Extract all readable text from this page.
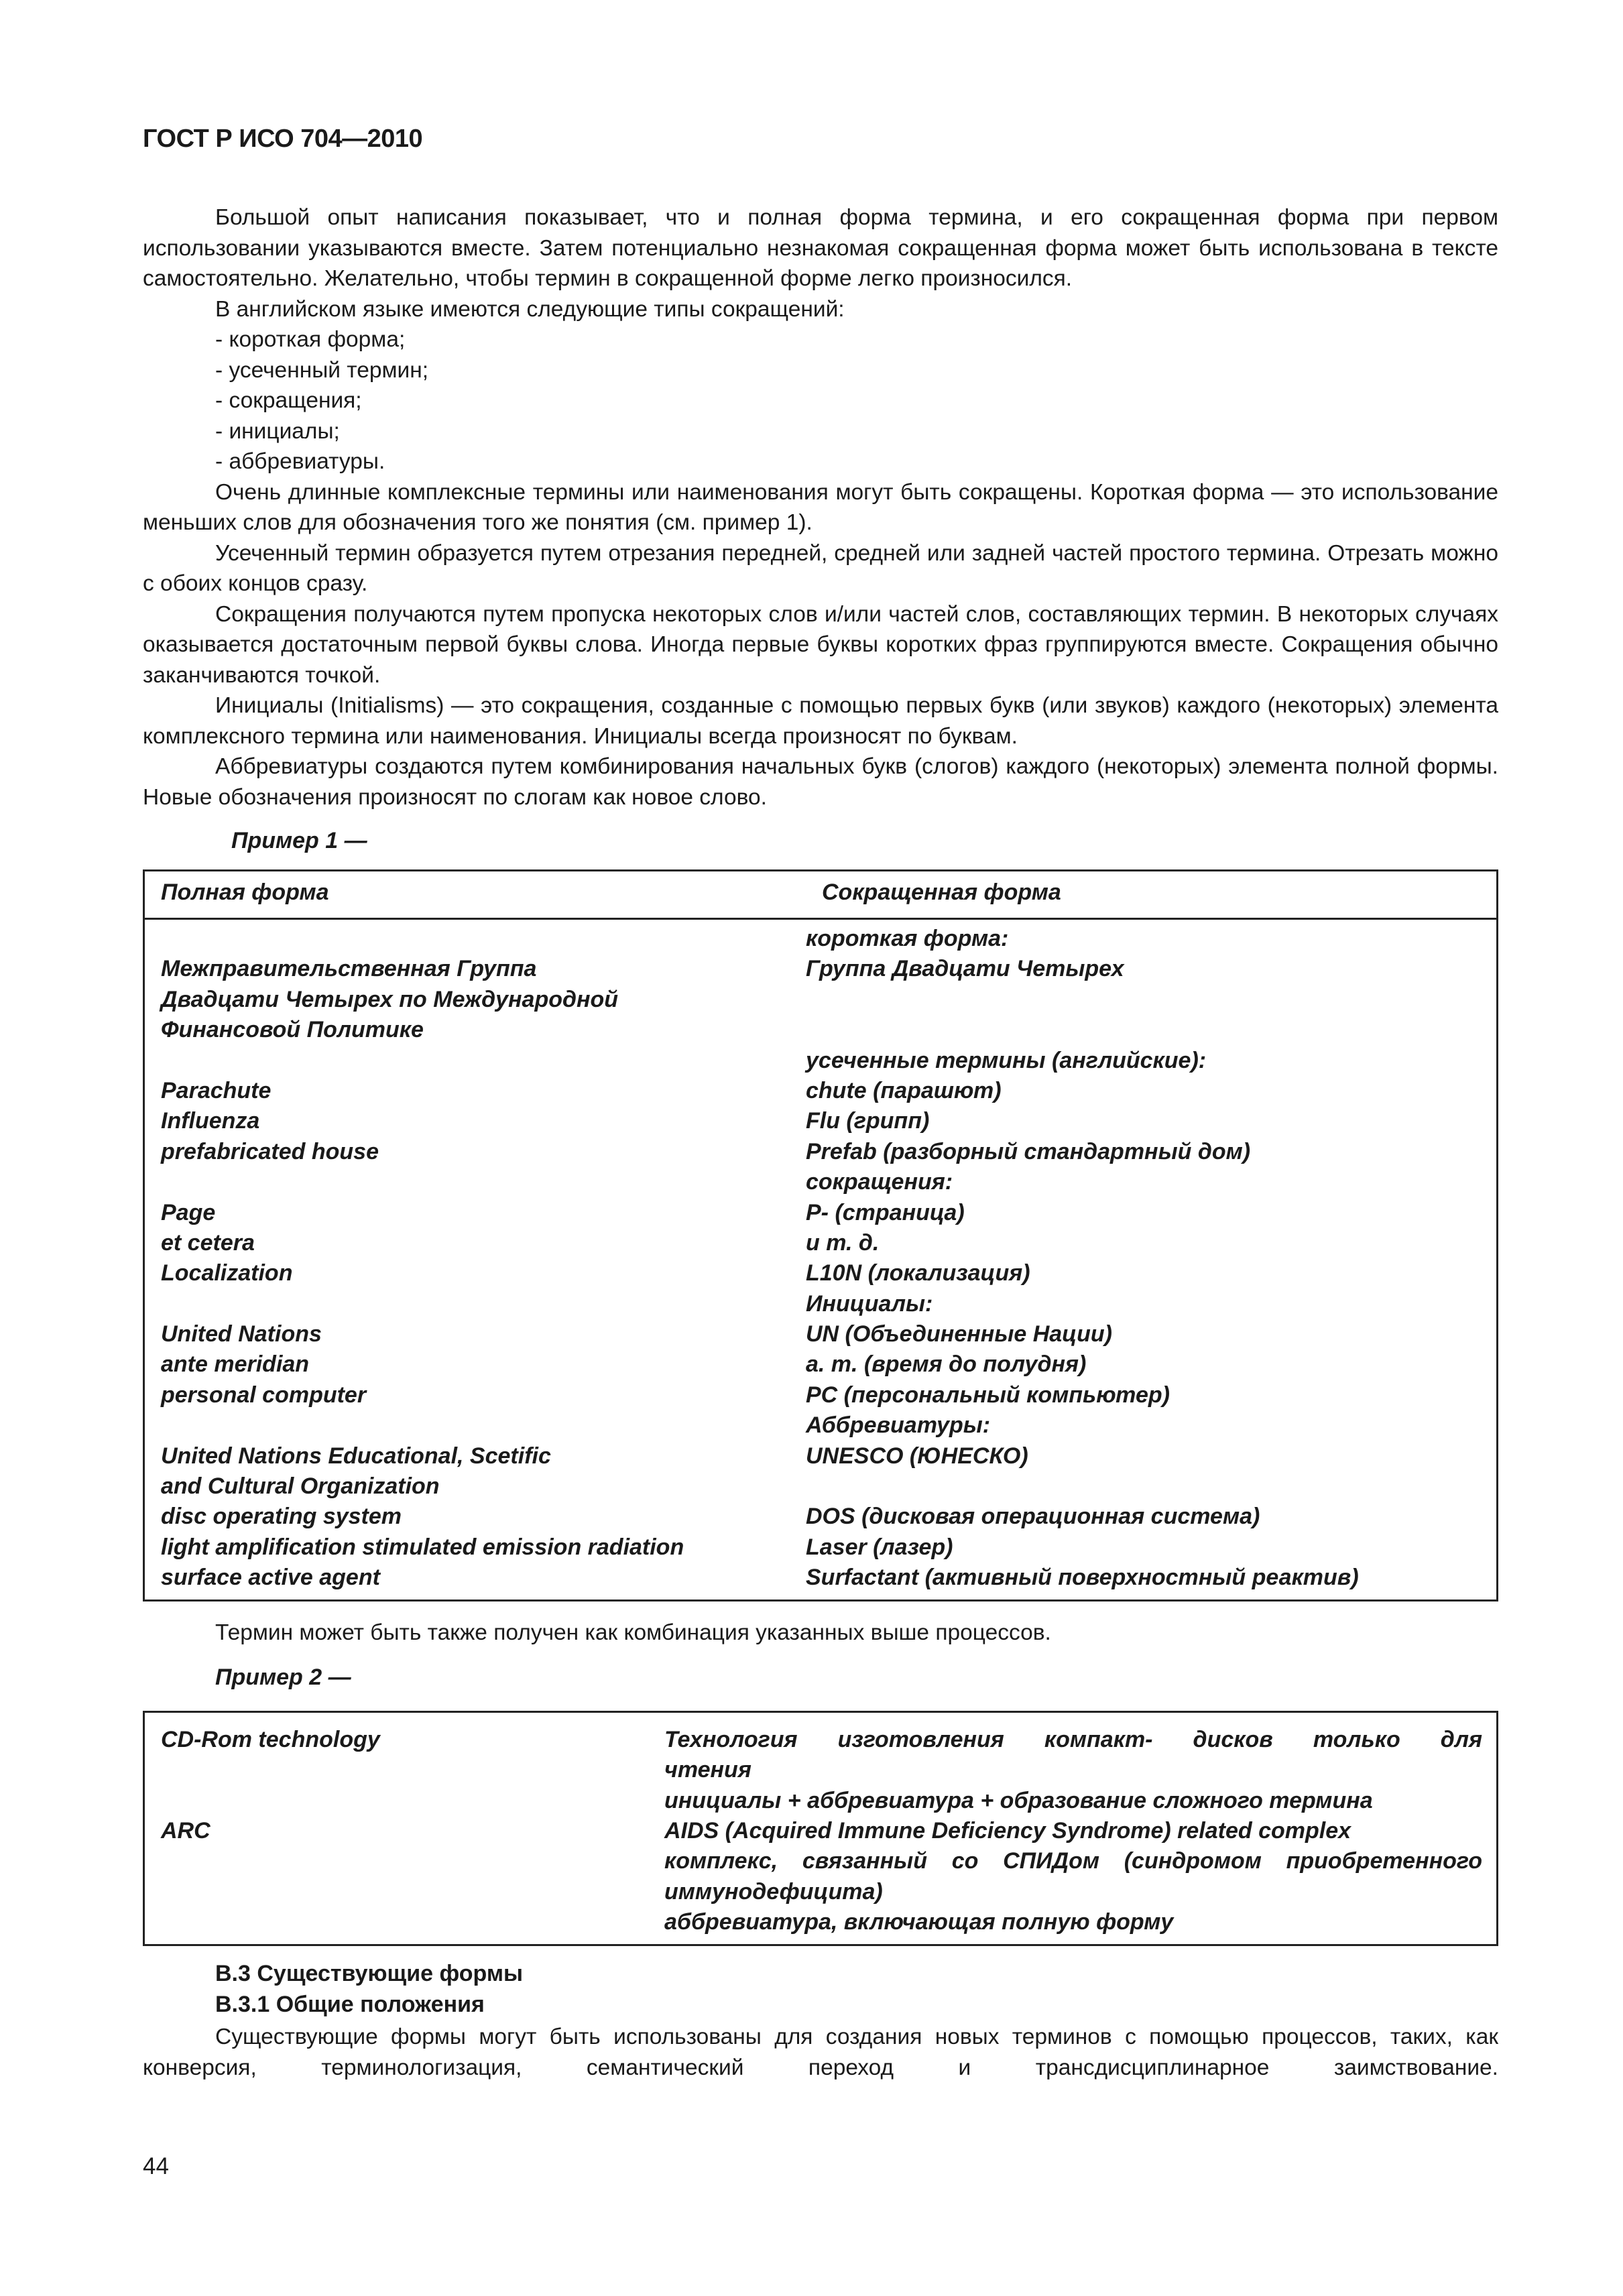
ГОСТ Р ИСО 704—2010

Большой опыт написания показывает, что и полная форма термина, и его сокращенная форма при первом использовании указываются вместе. Затем потенциально незнакомая сокращенная форма может быть использована в тексте самостоятельно. Желательно, чтобы термин в сокращенной форме легко произносился.

В английском языке имеются следующие типы сокращений:

- короткая форма;
- усеченный термин;
- сокращения;
- инициалы;
- аббревиатуры.

Очень длинные комплексные термины или наименования могут быть сокращены. Короткая форма — это использование меньших слов для обозначения того же понятия (см. пример 1).

Усеченный термин образуется путем отрезания передней, средней или задней частей простого термина. Отрезать можно с обоих концов сразу.

Сокращения получаются путем пропуска некоторых слов и/или частей слов, составляющих термин. В некоторых случаях оказывается достаточным первой буквы слова. Иногда первые буквы коротких фраз группируются вместе. Сокращения обычно заканчиваются точкой.

Инициалы (Initialisms) — это сокращения, созданные с помощью первых букв (или звуков) каждого (некоторых) элемента комплексного термина или наименования. Инициалы всегда произносят по буквам.

Аббревиатуры создаются путем комбинирования начальных букв (слогов) каждого (некоторых) элемента полной формы. Новые обозначения произносят по слогам как новое слово.

Пример 1 —
Полная форма	Сокращенная форма
короткая форма:
Межправительственная Группа	Группа Двадцати Четырех
Двадцати Четырех по Международной
Финансовой Политике
усеченные термины (английские):
Parachute	chute (парашют)
Influenza	Flu (грипп)
prefabricated house	Prefab (разборный стандартный дом)
сокращения:
Page	P- (страница)
et cetera	и т. д.
Localization	L10N (локализация)
Инициалы:
United Nations	UN (Объединенные Нации)
ante meridian	a. m. (время до полудня)
personal computer	PC (персональный компьютер)
Аббревиатуры:
United Nations Educational, Scetific	UNESCO (ЮНЕСКО)
and Cultural Organization
disc operating system	DOS (дисковая операционная система)
light amplification stimulated emission radiation	Laser (лазер)
surface active agent	Surfactant (активный поверхностный реактив)

Термин может быть также получен как комбинация указанных выше процессов.

Пример 2 —
CD-Rom technology	Технология изготовления компакт- дисков только для
чтения
инициалы + аббревиатура + образование сложного термина
ARC	AIDS (Acquired Immune Deficiency Syndrome) related complex
комплекс, связанный со СПИДом (синдромом приобретенного
иммунодефицита)
аббревиатура, включающая полную форму
B.3 Существующие формы
B.3.1 Общие положения

Существующие формы могут быть использованы для создания новых терминов с помощью процессов, таких, как конверсия, терминологизация, семантический переход и трансдисциплинарное заимствование.

44
